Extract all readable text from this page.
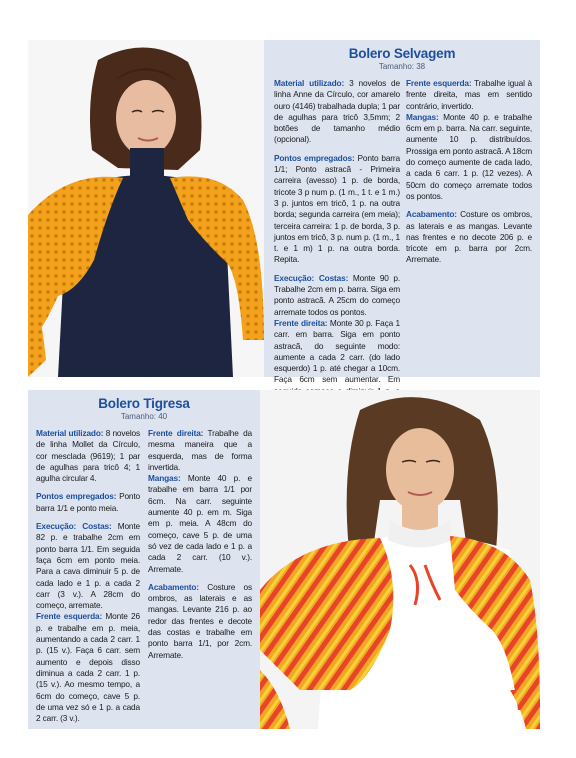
Bolero Selvagem
Tamanho: 38

Material utilizado: 3 novelos de linha Anne da Círculo, cor amarelo ouro (4146) trabalhada dupla; 1 par de agulhas para tricô 3,5mm; 2 botões de tamanho médio (opcional).

Pontos empregados: Ponto barra 1/1; Ponto astracã - Primeira carreira (avesso) 1 p. de borda, tricote 3 p num p. (1 m., 1 t. e 1 m.) 3 p. juntos em tricô, 1 p. na outra borda; segunda carreira (em meia); terceira carreira: 1 p. de borda, 3 p. juntos em tricô, 3 p. num p. (1 m., 1 t. e 1 m) 1 p. na outra borda. Repita.

Execução: Costas: Monte 90 p. Trabalhe 2cm em p. barra. Siga em ponto astracã. A 25cm do começo arremate todos os pontos.

Frente direita: Monte 30 p. Faça 1 carr. em barra. Siga em ponto astracã, do seguinte modo: aumente a cada 2 carr. (do lado esquerdo) 1 p. até chegar a 10cm. Faça 6cm sem aumentar. Em

Frente esquerda: Trabalhe igual à frente direita, mas em sentido contrário, invertido.

Mangas: Monte 40 p. e trabalhe 6cm em p. barra. Na carr. seguinte, aumente 10 p. distribuídos. Prossiga em ponto astracã. A 18cm do começo aumente de cada lado, a cada 6 carr. 1 p. (12 vezes). A 50cm do começo arremate todos os pontos.

Acabamento: Costure os ombros, as laterais e as mangas. Levante nas frentes e no decote 206 p. e tricote em p. barra por 2cm. Arremate.

Bolero Tigresa
Tamanho: 40

Material utilizado: 8 novelos de linha Mollet da Círculo, cor mesclada (9619); 1 par de agulhas para tricô 4; 1 agulha circular 4.

Pontos empregados: Ponto barra 1/1 e ponto meia.

Execução: Costas: Monte 82 p. e trabalhe 2cm em ponto barra 1/1. Em seguida faça 6cm em ponto meia. Para a cava diminuir 5 p. de cada lado e 1 p. a cada 2 carr (3 v.). A 28cm do começo, arremate.

Frente esquerda: Monte 26 p. e trabalhe em p. meia, aumentando a cada 2 carr. 1 p. (15 v.). Faça 6 carr. sem aumento e depois disso diminua a cada 2 carr. 1 p. (15 v.). Ao mesmo tempo, a 6cm do começo, cave 5 p. de uma vez só e 1 p. a cada 2 carr. (3 v.).

Frente direita: Trabalhe da mesma maneira que a esquerda, mas de forma invertida.

Mangas: Monte 40 p. e trabalhe em barra 1/1 por 6cm. Na carr. seguinte aumente 40 p. em m. Siga em p. meia. A 48cm do começo, cave 5 p. de uma só vez de cada lado e 1 p. a cada 2 carr. (10 v.). Arremate.

Acabamento: Costure os ombros, as laterais e as mangas. Levante 216 p. ao redor das frentes e decote das costas e trabalhe em ponto barra 1/1, por 2cm. Arremate.
